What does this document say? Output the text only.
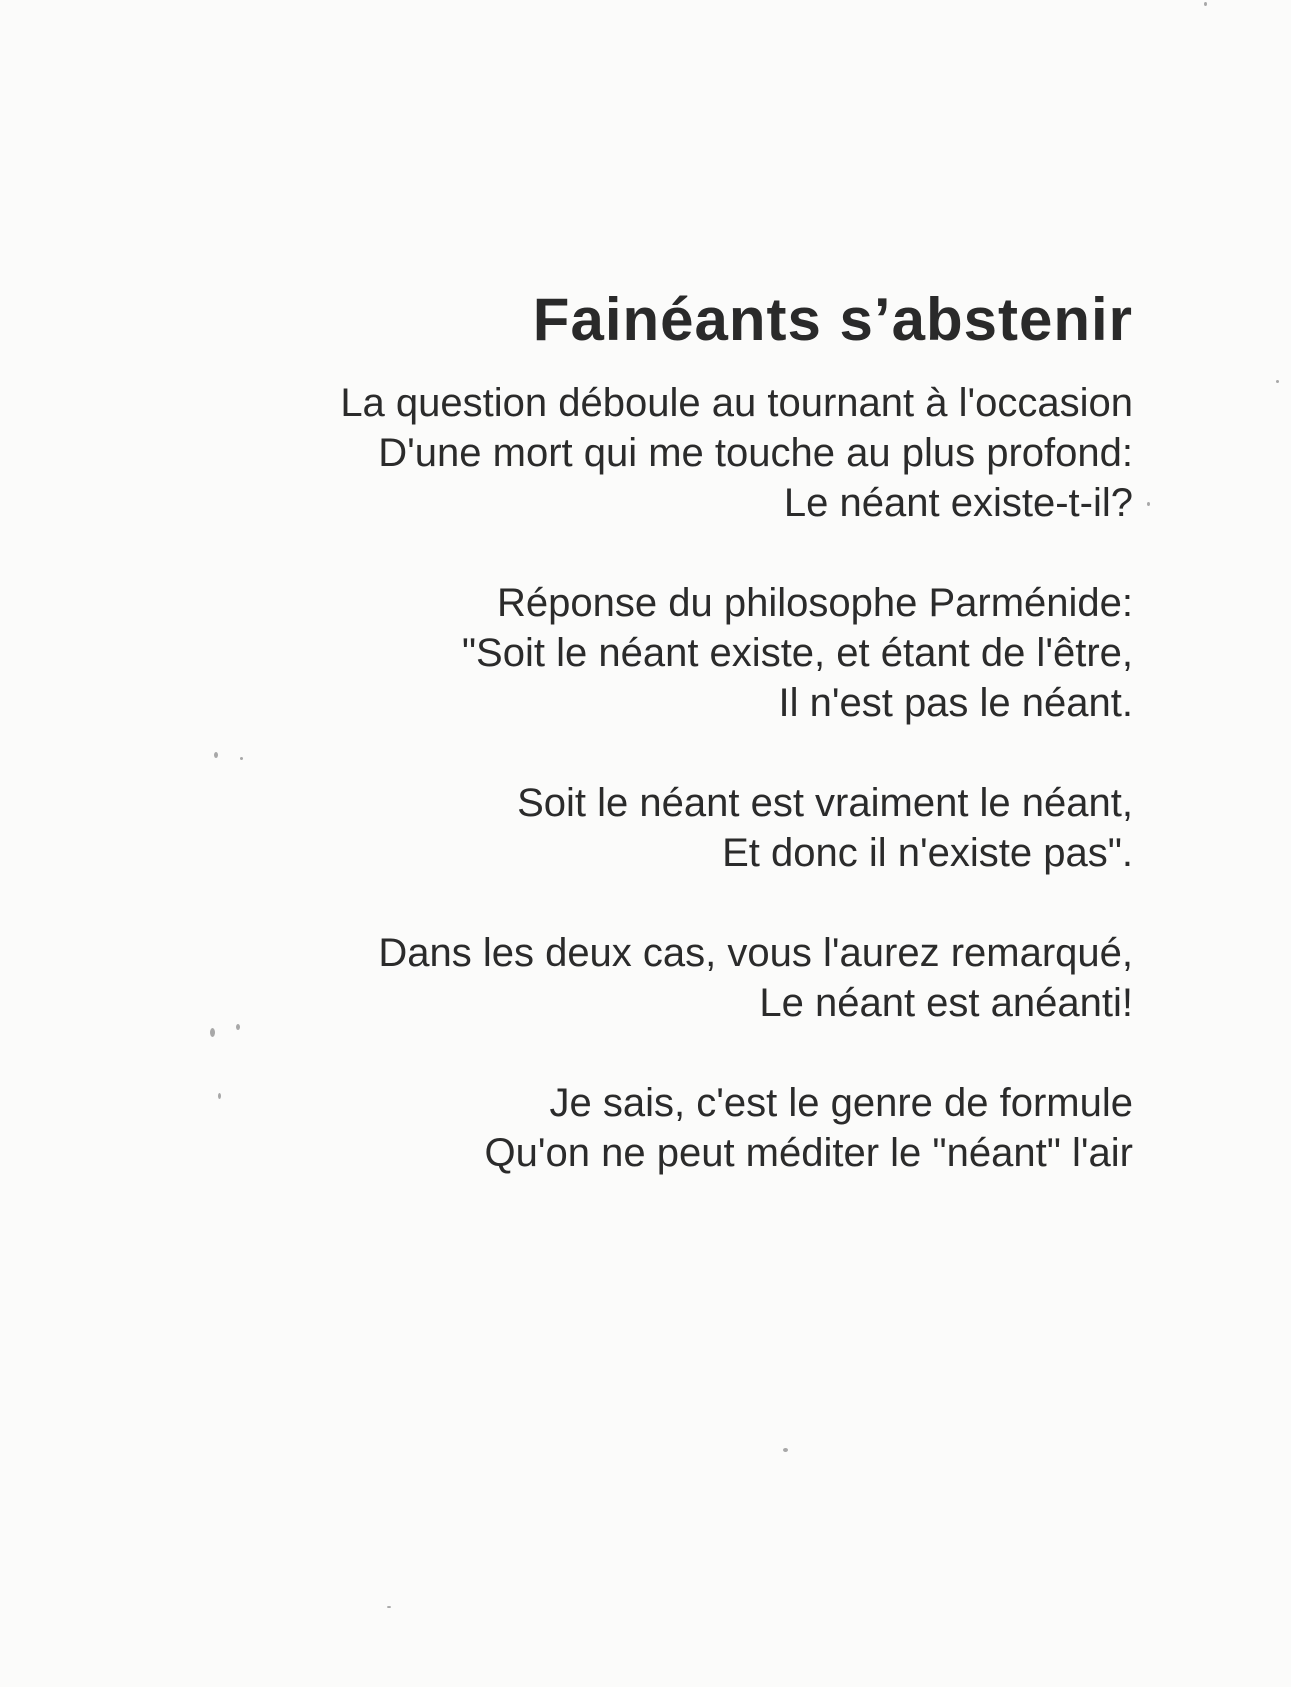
Fainéants s’abstenir
La question déboule au tournant à l'occasion
D'une mort qui me touche au plus profond:
Le néant existe-t-il?
Réponse du philosophe Parménide:
"Soit le néant existe, et étant de l'être,
Il n'est pas le néant.
Soit le néant est vraiment le néant,
Et donc il n'existe pas".
Dans les deux cas, vous l'aurez remarqué,
Le néant est anéanti!
Je sais, c'est le genre de formule
Qu'on ne peut méditer le "néant" l'air
